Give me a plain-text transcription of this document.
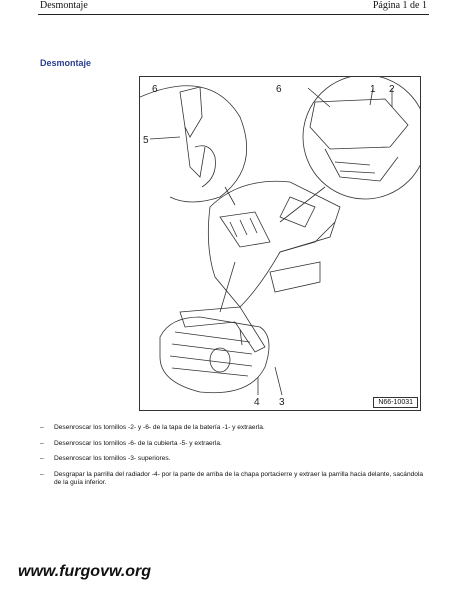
Desmontaje	Página 1 de 1
Desmontaje
6
5
6	1 2
4 3	N66-10031
– Desenroscar los tornillos -2- y -6- de la tapa de la batería -1- y extraerla.
– Desenroscar los tornillos -6- de la cubierta -5- y extraerla.
– Desenroscar los tornillos -3- superiores.
– Desgrapar la parrilla del radiador -4- por la parte de arriba de la chapa portacierre y extraer la parrilla hacia delante, sacándola de la guía inferior.
www.furgovw.org
